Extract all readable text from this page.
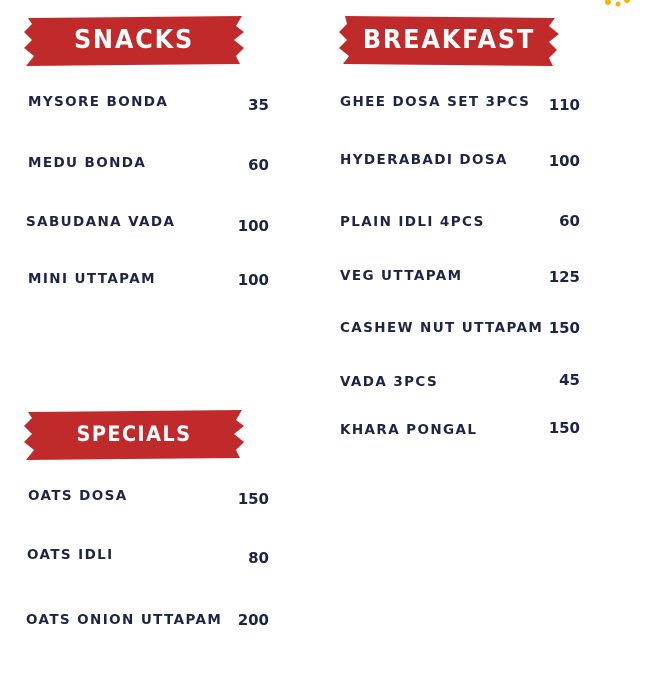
SNACKS	BREAKFAST
SPECIALS
MYSORE BONDA	35
MEDU BONDA	60
SABUDANA VADA	100
MINI UTTAPAM	100
GHEE DOSA SET 3PCS	110
HYDERABADI DOSA	100
PLAIN IDLI 4PCS	60
VEG UTTAPAM	125
CASHEW NUT UTTAPAM 150
VADA 3PCS	45
KHARA PONGAL	150
OATS DOSA	150
OATS IDLI	80
OATS ONION UTTAPAM	200
